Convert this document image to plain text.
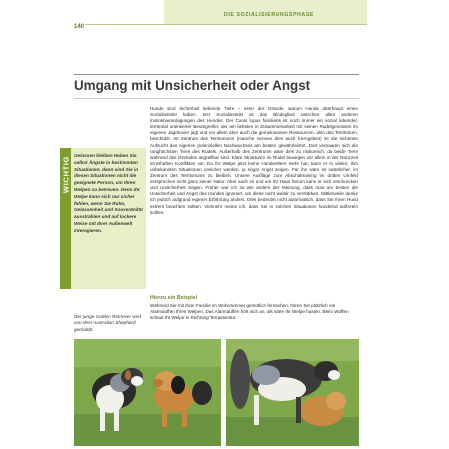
DIE SOZIALISIERUNGSPHASE
140
Umgang mit Unsicherheit oder Angst
WICHTIG
Gelassen bleiben Haben Sie selbst Ängste in bestimmten Situationen, dann sind Sie in diesen Situationen nicht die geeignete Person, um Ihren Welpen zu betreuen. Denn Ihr Welpe kann sich nur sicher fühlen, wenn Sie Ruhe, Gelassenheit und Souveränität ausstrahlen und auf lockere Weise mit Ihrer Außenwelt interagieren.
Der junge Golden Retriever wird von dem Australian Shepherd gemobbt.

Hunde sind Sicherheit liebende Tiere – einer der Gründe, warum Hunde überhaupt einen Sozialinstinkt haben. Der Sozialinstinkt ist das Bindeglied zwischen allen anderen Instinktveranlagungen des Hundes. Der Canis lupus familiaris ist noch immer ein sozial lebender, territorial orientierter Beutegreifer, der am liebsten in Zusammenarbeit mit seinen Rudelgenossen im eigenen Jagdrevier jagt und vor allem aber auch die gemeinsamen Ressourcen, also das Territorium, beschützt. Im Zentrum des Territoriums (manche nennen dies auch Kerngebiet) ist die sicherste Aufzucht des eigenen potenziellen Nachwuchses am besten gewährleistet. Dort verpaaren sich die ranghöchsten Tiere des Rudels. Außerhalb des Zentrums wäre dies zu risikoreich, da beide Tiere während des Deckakts angreifbar sind. Klare Strukturen im Rudel bewegen vor allem in der Ranzzeit ernsthaften Konflikten vor. Da Ihr Welpe jetzt keine Hundeeltern mehr hat, kann er in vielen, ihm unbekannten Situationen unsicher werden, ja sogar Angst zeigen. Für ihn wäre es natürlicher, im Zentrum des Territoriums zu bleiben. Unsere Ausflüge zum Abschaltraining im dritten Umfeld entsprechen nicht ganz seiner Natur. Aber auch im und um Ihr Haus herum kann er sich erschrecken und Unsicherheit zeigen. Früher war ich so wie andere der Meinung, dass man am besten die Unsicherheit und Angst des Hundes ignoriert, um diese nicht weiter zu verstärken. Mittlerweile denke ich jedoch aufgrund eigener Erfahrung anders. Dies bedeutet nicht automatisch, dass Sie Ihren Hund extrem beachten sollten. Vielmehr meine ich, dass Sie in solchen Situationen handelnd auftreten sollten.

Hierzu ein Beispiel

Während Sie mit Ihrer Familie im Wohnzimmer gemütlich fernsehen, hören Sie plötzlich ein Alarmauffen Ihres Welpen. Das Alarmauffen hört sich an, als wäre Ihr Welpe husten. Beim Wuffen schaut Ihr Welpe in Richtung Terrassentür.
